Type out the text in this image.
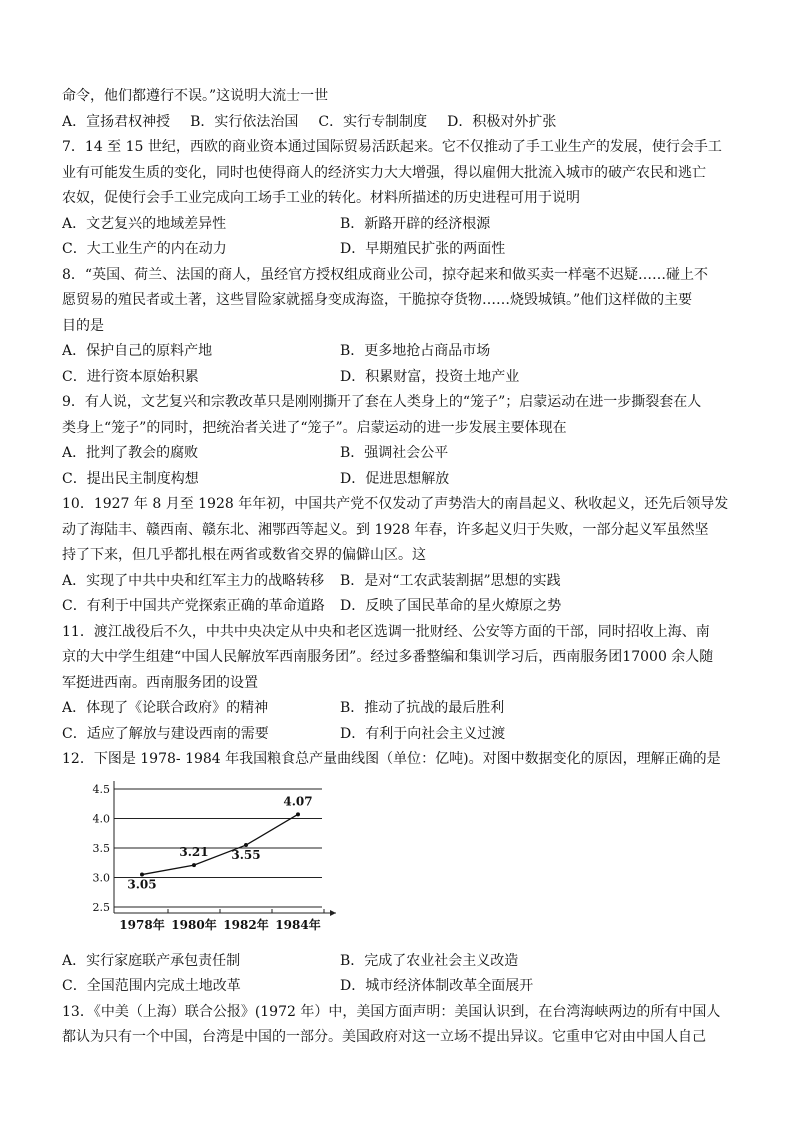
命令，他们都遵行不误。”这说明大流士一世
A．宣扬君权神授 B．实行依法治国 C．实行专制制度 D．积极对外扩张
7．14 至 15 世纪，西欧的商业资本通过国际贸易活跃起来。它不仅推动了手工业生产的发展，使行会手工
业有可能发生质的变化，同时也使得商人的经济实力大大增强，得以雇佣大批流入城市的破产农民和逃亡
农奴，促使行会手工业完成向工场手工业的转化。材料所描述的历史进程可用于说明
A．文艺复兴的地域差异性	B．新路开辟的经济根源
C．大工业生产的内在动力	D．早期殖民扩张的两面性
8．“英国、荷兰、法国的商人，虽经官方授权组成商业公司，掠夺起来和做买卖一样毫不迟疑……碰上不
愿贸易的殖民者或土著，这些冒险家就摇身变成海盗，干脆掠夺货物……烧毁城镇。”他们这样做的主要
目的是
A．保护自己的原料产地	B．更多地抢占商品市场
C．进行资本原始积累	D．积累财富，投资土地产业
9．有人说，文艺复兴和宗教改革只是刚刚撕开了套在人类身上的“笼子”；启蒙运动在进一步撕裂套在人
类身上“笼子”的同时，把统治者关进了“笼子”。启蒙运动的进一步发展主要体现在
A．批判了教会的腐败	B．强调社会公平
C．提出民主制度构想	D．促进思想解放
10．1927 年 8 月至 1928 年年初，中国共产党不仅发动了声势浩大的南昌起义、秋收起义，还先后领导发
动了海陆丰、赣西南、赣东北、湘鄂西等起义。到 1928 年春，许多起义归于失败，一部分起义军虽然坚
持了下来，但几乎都扎根在两省或数省交界的偏僻山区。这
A．实现了中共中央和红军主力的战略转移	B．是对“工农武装割据”思想的实践
C．有利于中国共产党探索正确的革命道路	D．反映了国民革命的星火燎原之势
11．渡江战役后不久，中共中央决定从中央和老区选调一批财经、公安等方面的干部，同时招收上海、南
京的大中学生组建“中国人民解放军西南服务团”。经过多番整编和集训学习后，西南服务团17000 余人随
军挺进西南。西南服务团的设置
A．体现了《论联合政府》的精神	B．推动了抗战的最后胜利
C．适应了解放与建设西南的需要	D．有利于向社会主义过渡
12．下图是 1978- 1984 年我国粮食总产量曲线图（单位：亿吨)。对图中数据变化的原因，理解正确的是
4.5
4.0
3.5
3.0
2.5
1978年 1980年 1982年 1984年
3.05
3.21 3.55
4.07
A．实行家庭联产承包责任制	B．完成了农业社会主义改造
C．全国范围内完成土地改革	D．城市经济体制改革全面展开
13．《中美（上海）联合公报》(1972 年）中，美国方面声明：美国认识到，在台湾海峡两边的所有中国人
都认为只有一个中国，台湾是中国的一部分。美国政府对这一立场不提出异议。它重申它对由中国人自己
